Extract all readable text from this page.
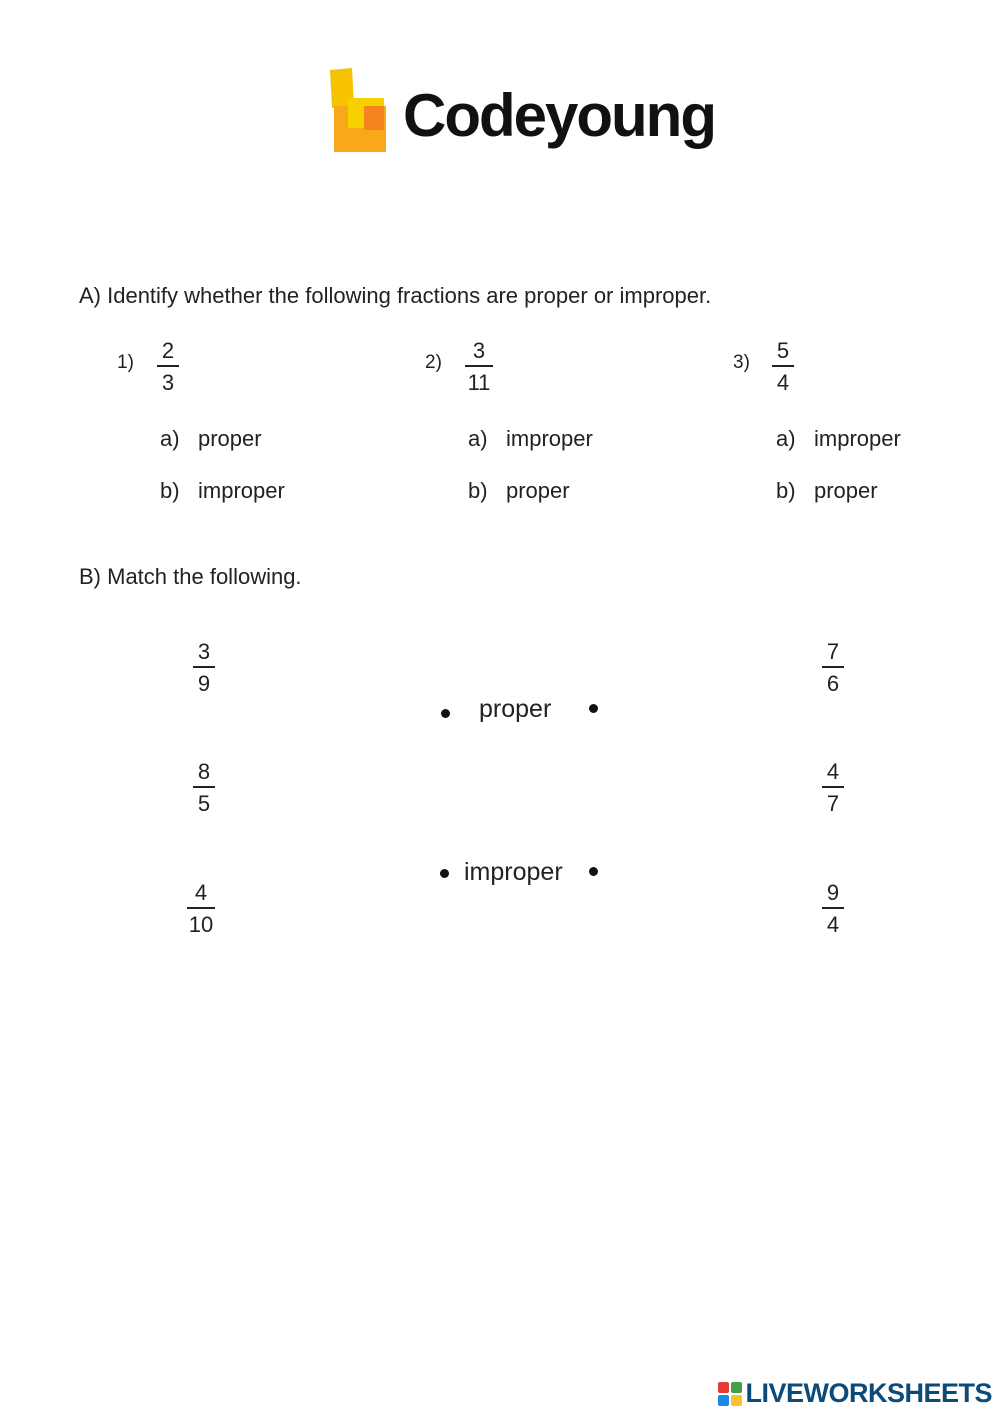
Codeyoung
A) Identify whether the following fractions are proper or improper.
1) 2
3
a) proper
b) improper
2) 3
11
a) improper
b) proper
3) 5
4
a) improper
b) proper
B) Match the following.
3
9
8
5
4
10
proper
improper
7
6
4
7
9
4
LIVEWORKSHEETS
